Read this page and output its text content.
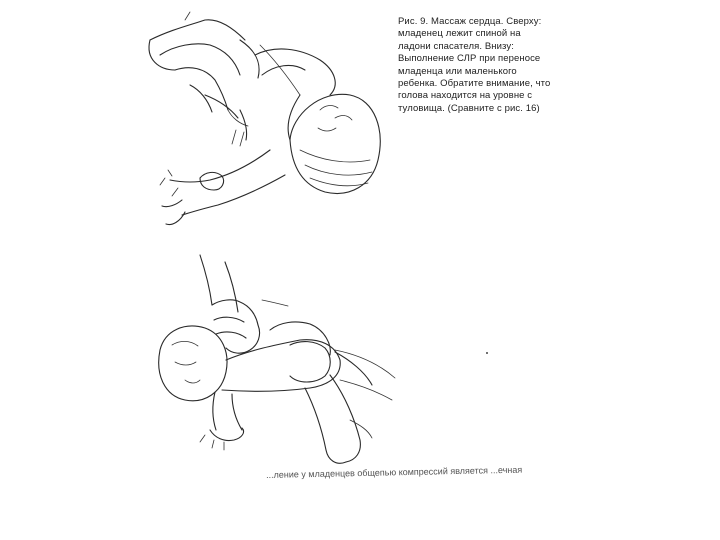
Рис. 9. Массаж сердца. Сверху:
младенец лежит спиной на
ладони спасателя. Внизу:
Выполнение СЛР при переносе
младенца или маленького
ребенка. Обратите внимание, что
голова находится на уровне с
туловища. (Сравните с рис. 16)
...ление у младенцев общепью компрессий является ...ечная
